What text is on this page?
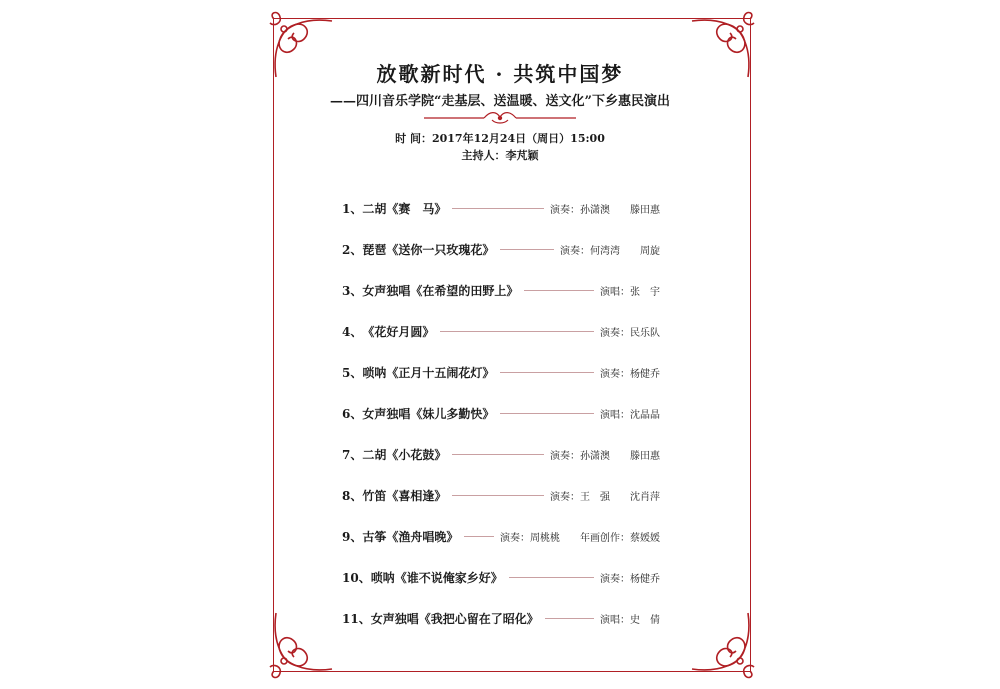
放歌新时代 · 共筑中国梦
——四川音乐学院“走基层、送温暖、送文化”下乡惠民演出
时 间：2017年12月24日（周日）15:00
主持人：李芃颖
1、 二胡《赛　马》	演奏：孙潇澳　　滕田惠
2、 琵琶《送你一只玫瑰花》	演奏：何湾湾　　周旋
3、 女声独唱《在希望的田野上》	演唱：张　宇
4、 《花好月圆》	演奏：民乐队
5、 唢呐《正月十五闹花灯》	演奏：杨健乔
6、 女声独唱《妹儿多勤快》	演唱：沈晶晶
7、 二胡《小花鼓》	演奏：孙潇澳　　滕田惠
8、 竹笛《喜相逢》	演奏：王　强　　沈肖萍
9、 古筝《渔舟唱晚》	演奏：周桃桃　　年画创作：蔡媛媛
10、 唢呐《谁不说俺家乡好》	演奏：杨健乔
11、 女声独唱《我把心留在了昭化》	演唱：史　倩
